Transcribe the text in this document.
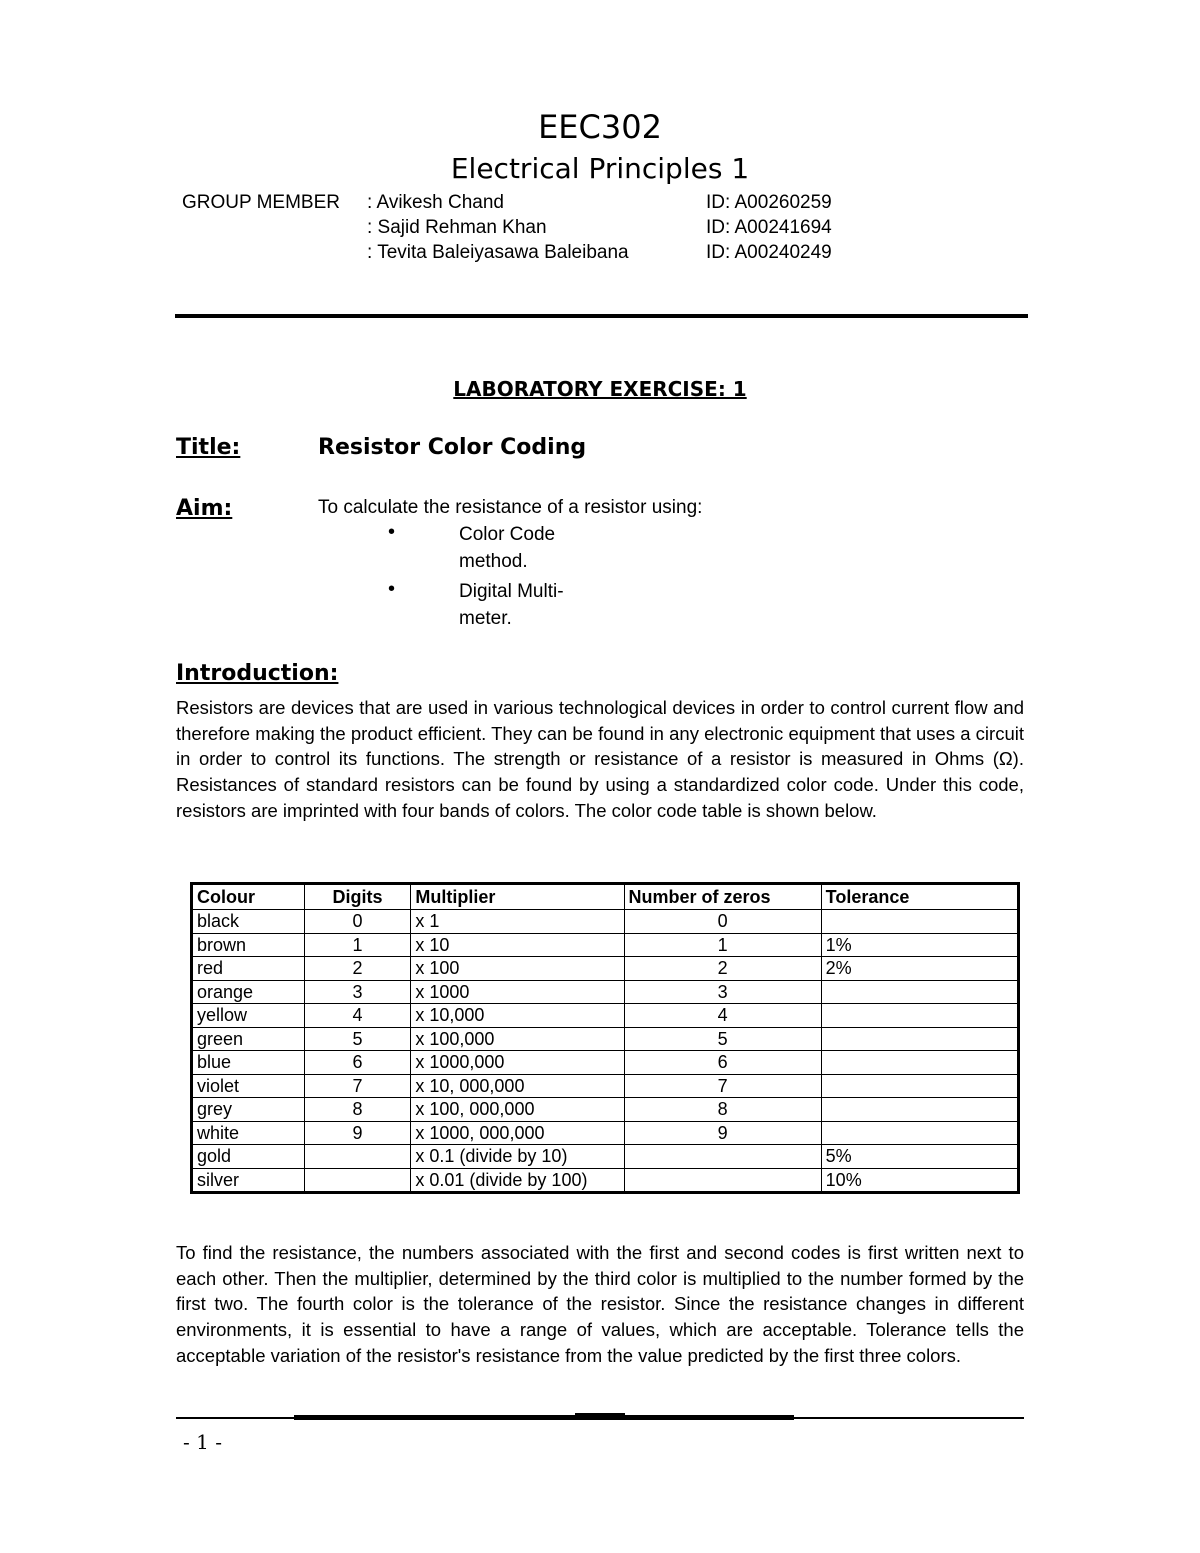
EEC302
Electrical Principles 1
GROUP MEMBER : Avikesh Chand	ID: A00260259
: Sajid Rehman Khan	ID: A00241694
: Tevita Baleiyasawa Baleibana	ID: A00240249
LABORATORY EXERCISE: 1
Title:	Resistor Color Coding
Aim:	To calculate the resistance of a resistor using:
•	Color Code method.
•	Digital Multi-meter.
Introduction:
Resistors are devices that are used in various technological devices in order to control current flow and therefore making the product efficient. They can be found in any electronic equipment that uses a circuit in order to control its functions. The strength or resistance of a resistor is measured in Ohms (Ω). Resistances of standard resistors can be found by using a standardized color code. Under this code, resistors are imprinted with four bands of colors. The color code table is shown below.
Colour	Digits	Multiplier	Number of zeros	Tolerance
black	0	x 1	0	
brown	1	x 10	1	1%
red	2	x 100	2	2%
orange	3	x 1000	3	
yellow	4	x 10,000	4	
green	5	x 100,000	5	
blue	6	x 1000,000	6	
violet	7	x 10, 000,000	7	
grey	8	x 100, 000,000	8	
white	9	x 1000, 000,000	9	
gold		x 0.1 (divide by 10)		5%
silver		x 0.01 (divide by 100)		10%
To find the resistance, the numbers associated with the first and second codes is first written next to each other. Then the multiplier, determined by the third color is multiplied to the number formed by the first two. The fourth color is the tolerance of the resistor. Since the resistance changes in different environments, it is essential to have a range of values, which are acceptable. Tolerance tells the acceptable variation of the resistor's resistance from the value predicted by the first three colors.
- 1 -
